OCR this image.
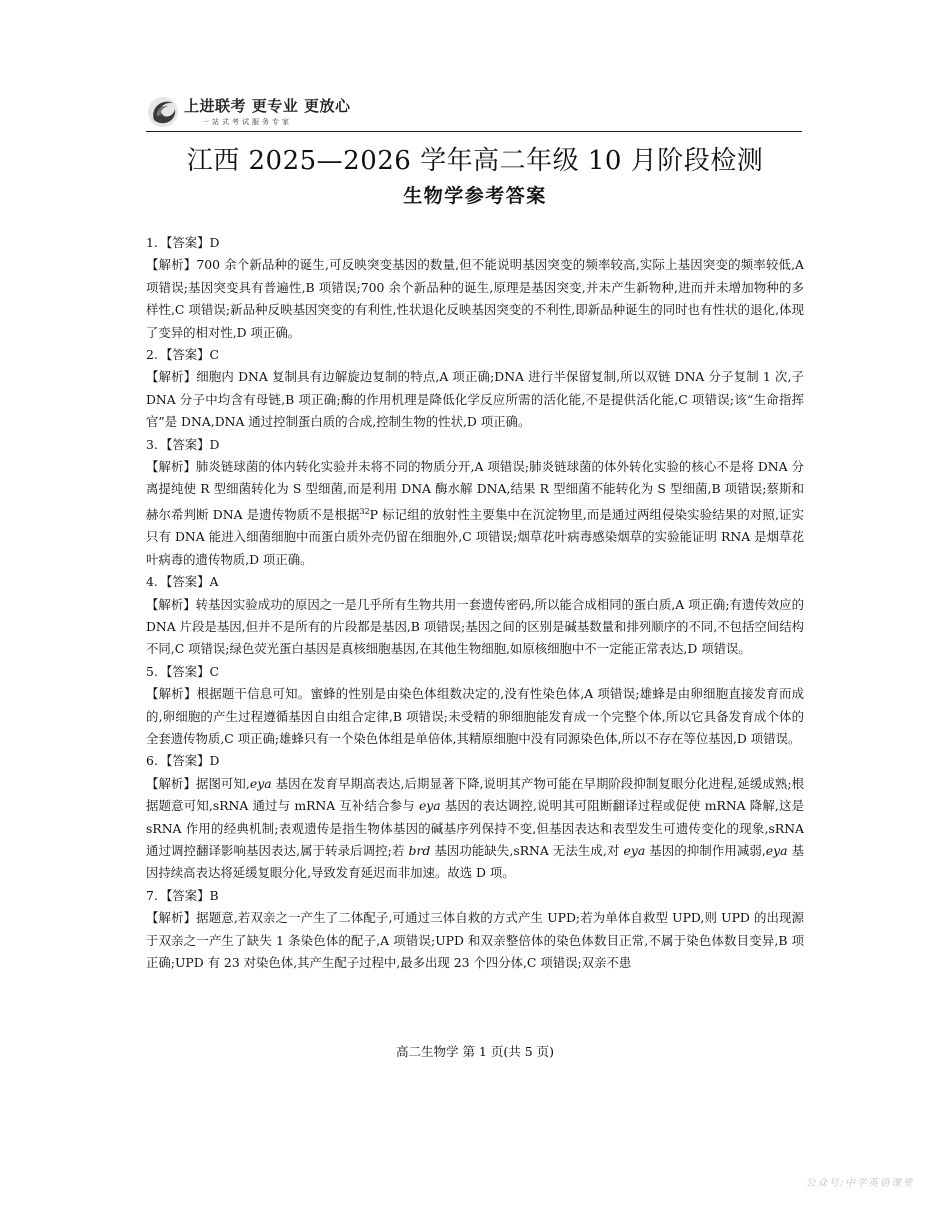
上进联考 更专业 更放心
一站式考试服务专家
江西 2025—2026 学年高二年级 10 月阶段检测
生物学参考答案

1. 【答案】D

【解析】700 余个新品种的诞生,可反映突变基因的数量,但不能说明基因突变的频率较高,实际上基因突变的频率较低,A 项错误;基因突变具有普遍性,B 项错误;700 余个新品种的诞生,原理是基因突变,并未产生新物种,进而并未增加物种的多样性,C 项错误;新品种反映基因突变的有利性,性状退化反映基因突变的不利性,即新品种诞生的同时也有性状的退化,体现了变异的相对性,D 项正确。

2. 【答案】C

【解析】细胞内 DNA 复制具有边解旋边复制的特点,A 项正确;DNA 进行半保留复制,所以双链 DNA 分子复制 1 次,子 DNA 分子中均含有母链,B 项正确;酶的作用机理是降低化学反应所需的活化能,不是提供活化能,C 项错误;该“生命指挥官”是 DNA,DNA 通过控制蛋白质的合成,控制生物的性状,D 项正确。

3. 【答案】D

【解析】肺炎链球菌的体内转化实验并未将不同的物质分开,A 项错误;肺炎链球菌的体外转化实验的核心不是将 DNA 分离提纯使 R 型细菌转化为 S 型细菌,而是利用 DNA 酶水解 DNA,结果 R 型细菌不能转化为 S 型细菌,B 项错误;蔡斯和赫尔希判断 DNA 是遗传物质不是根据$^{32}$P 标记组的放射性主要集中在沉淀物里,而是通过两组侵染实验结果的对照,证实只有 DNA 能进入细菌细胞中而蛋白质外壳仍留在细胞外,C 项错误;烟草花叶病毒感染烟草的实验能证明 RNA 是烟草花叶病毒的遗传物质,D 项正确。

4. 【答案】A

【解析】转基因实验成功的原因之一是几乎所有生物共用一套遗传密码,所以能合成相同的蛋白质,A 项正确;有遗传效应的 DNA 片段是基因,但并不是所有的片段都是基因,B 项错误;基因之间的区别是碱基数量和排列顺序的不同,不包括空间结构不同,C 项错误;绿色荧光蛋白基因是真核细胞基因,在其他生物细胞,如原核细胞中不一定能正常表达,D 项错误。

5. 【答案】C

【解析】根据题干信息可知。蜜蜂的性别是由染色体组数决定的,没有性染色体,A 项错误;雄蜂是由卵细胞直接发育而成的,卵细胞的产生过程遵循基因自由组合定律,B 项错误;未受精的卵细胞能发育成一个完整个体,所以它具备发育成个体的全套遗传物质,C 项正确;雄蜂只有一个染色体组是单倍体,其精原细胞中没有同源染色体,所以不存在等位基因,D 项错误。

6. 【答案】D

【解析】据图可知,eya 基因在发育早期高表达,后期显著下降,说明其产物可能在早期阶段抑制复眼分化进程,延缓成熟;根据题意可知,sRNA 通过与 mRNA 互补结合参与 eya 基因的表达调控,说明其可阻断翻译过程或促使 mRNA 降解,这是 sRNA 作用的经典机制;表观遗传是指生物体基因的碱基序列保持不变,但基因表达和表型发生可遗传变化的现象,sRNA 通过调控翻译影响基因表达,属于转录后调控;若 brd 基因功能缺失,sRNA 无法生成,对 eya 基因的抑制作用减弱,eya 基因持续高表达将延缓复眼分化,导致发育延迟而非加速。故选 D 项。

7. 【答案】B

【解析】据题意,若双亲之一产生了二体配子,可通过三体自救的方式产生 UPD;若为单体自救型 UPD,则 UPD 的出现源于双亲之一产生了缺失 1 条染色体的配子,A 项错误;UPD 和双亲整倍体的染色体数目正常,不属于染色体数目变异,B 项正确;UPD 有 23 对染色体,其产生配子过程中,最多出现 23 个四分体,C 项错误;双亲不患

高二生物学 第 1 页(共 5 页)
公众号:中学英语课堂
